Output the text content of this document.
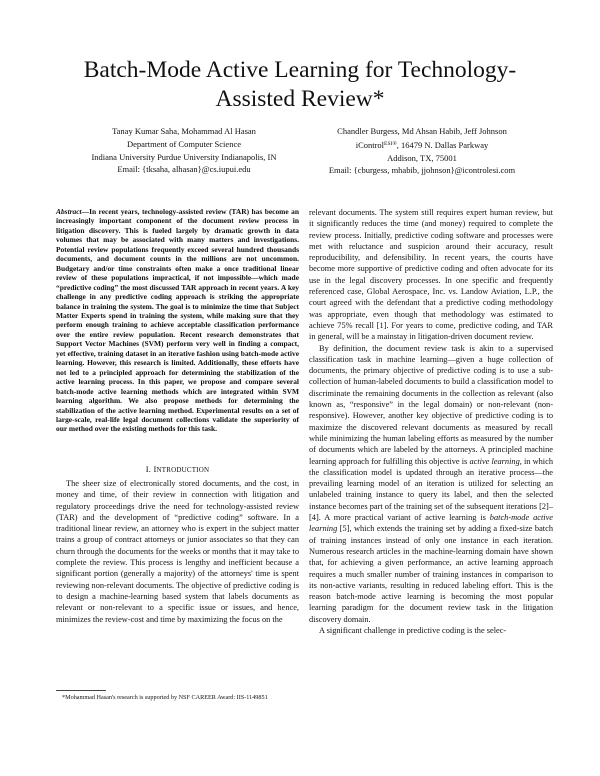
Batch-Mode Active Learning for Technology-Assisted Review*
Tanay Kumar Saha, Mohammad Al Hasan
Department of Computer Science
Indiana University Purdue University Indianapolis, IN
Email: {tksaha, alhasan}@cs.iupui.edu
Chandler Burgess, Md Ahsan Habib, Jeff Johnson
iControl$^{ESI®}$, 16479 N. Dallas Parkway
Addison, TX, 75001
Email: {cburgess, mhabib, jjohnson}@icontrolesi.com
Abstract—In recent years, technology-assisted review (TAR) has become an increasingly important component of the document review process in litigation discovery. This is fueled largely by dramatic growth in data volumes that may be associated with many matters and investigations. Potential review populations frequently exceed several hundred thousands documents, and document counts in the millions are not uncommon. Budgetary and/or time constraints often make a once traditional linear review of these populations impractical, if not impossible—which made “predictive coding” the most discussed TAR approach in recent years. A key challenge in any predictive coding approach is striking the appropriate balance in training the system. The goal is to minimize the time that Subject Matter Experts spend in training the system, while making sure that they perform enough training to achieve acceptable classification performance over the entire review population. Recent research demonstrates that Support Vector Machines (SVM) perform very well in finding a compact, yet effective, training dataset in an iterative fashion using batch-mode active learning. However, this research is limited. Additionally, these efforts have not led to a principled approach for determining the stabilization of the active learning process. In this paper, we propose and compare several batch-mode active learning methods which are integrated within SVM learning algorithm. We also propose methods for determining the stabilization of the active learning method. Experimental results on a set of large-scale, real-life legal document collections validate the superiority of our method over the existing methods for this task.
I. INTRODUCTION

The sheer size of electronically stored documents, and the cost, in money and time, of their review in connection with litigation and regulatory proceedings drive the need for technology-assisted review (TAR) and the development of “predictive coding” software. In a traditional linear review, an attorney who is expert in the subject matter trains a group of contract attorneys or junior associates so that they can churn through the documents for the weeks or months that it may take to complete the review. This process is lengthy and inefficient because a significant portion (generally a majority) of the attorneys' time is spent reviewing non-relevant documents. The objective of predictive coding is to design a machine-learning based system that labels documents as relevant or non-relevant to a specific issue or issues, and hence, minimizes the review-cost and time by maximizing the focus on the

*Mohammad Hasan's research is supported by NSF CAREER Award: IIS-1149851

relevant documents. The system still requires expert human review, but it significantly reduces the time (and money) required to complete the review process. Initially, predictive coding software and processes were met with reluctance and suspicion around their accuracy, result reproducibility, and defensibility. In recent years, the courts have become more supportive of predictive coding and often advocate for its use in the legal discovery processes. In one specific and frequently referenced case, Global Aerospace, Inc. vs. Landow Aviation, L.P., the court agreed with the defendant that a predictive coding methodology was appropriate, even though that methodology was estimated to achieve 75% recall [1]. For years to come, predictive coding, and TAR in general, will be a mainstay in litigation-driven document review.

By definition, the document review task is akin to a supervised classification task in machine learning—given a huge collection of documents, the primary objective of predictive coding is to use a sub-collection of human-labeled documents to build a classification model to discriminate the remaining documents in the collection as relevant (also known as, “responsive” in the legal domain) or non-relevant (non-responsive). However, another key objective of predictive coding is to maximize the discovered relevant documents as measured by recall while minimizing the human labeling efforts as measured by the number of documents which are labeled by the attorneys. A principled machine learning approach for fulfilling this objective is active learning, in which the classification model is updated through an iterative process—the prevailing learning model of an iteration is utilized for selecting an unlabeled training instance to query its label, and then the selected instance becomes part of the training set of the subsequent iterations [2]–[4]. A more practical variant of active learning is batch-mode active learning [5], which extends the training set by adding a fixed-size batch of training instances instead of only one instance in each iteration. Numerous research articles in the machine-learning domain have shown that, for achieving a given performance, an active learning approach requires a much smaller number of training instances in comparison to its non-active variants, resulting in reduced labeling effort. This is the reason batch-mode active learning is becoming the most popular learning paradigm for the document review task in the litigation discovery domain.

A significant challenge in predictive coding is the selec-
